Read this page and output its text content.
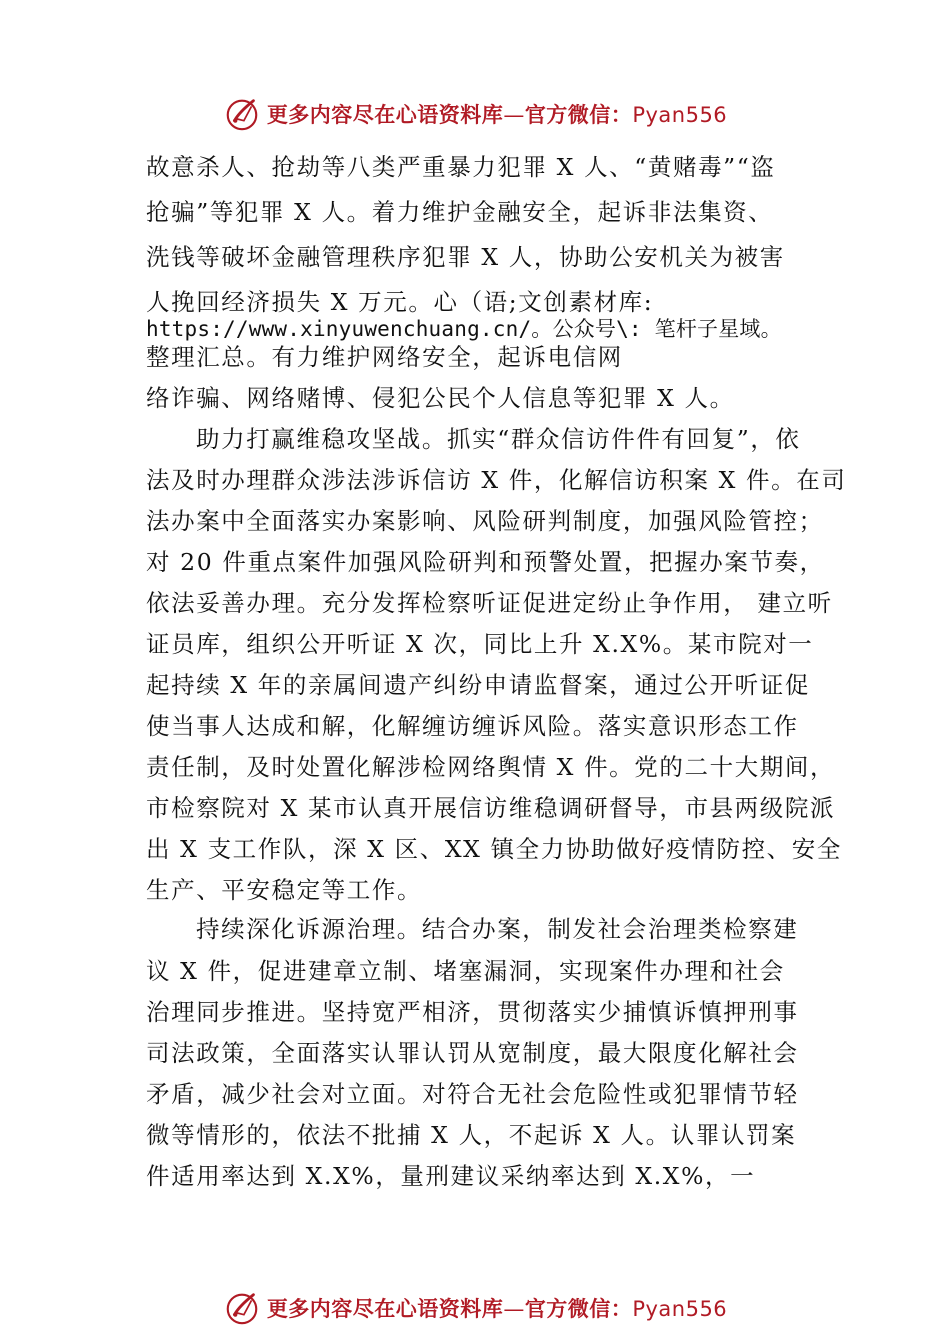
更多内容尽在心语资料库—官方微信：Pyan556
故意杀人、抢劫等八类严重暴力犯罪 X 人、“黄赌毒”“盗
抢骗”等犯罪 X 人。着力维护金融安全，起诉非法集资、
洗钱等破坏金融管理秩序犯罪 X 人，协助公安机关为被害
人挽回经济损失 X 万元。心（语;文创素材库:
https://www.xinyuwenchuang.cn/。公众号\: 笔杆子星域。
整理汇总。有力维护网络安全，起诉电信网
络诈骗、网络赌博、侵犯公民个人信息等犯罪 X 人。
助力打赢维稳攻坚战。抓实“群众信访件件有回复”，依
法及时办理群众涉法涉诉信访 X 件，化解信访积案 X 件。在司
法办案中全面落实办案影响、风险研判制度，加强风险管控；
对 20 件重点案件加强风险研判和预警处置，把握办案节奏，
依法妥善办理。充分发挥检察听证促进定纷止争作用， 建立听
证员库，组织公开听证 X 次，同比上升 X.X%。某市院对一
起持续 X 年的亲属间遗产纠纷申请监督案，通过公开听证促
使当事人达成和解，化解缠访缠诉风险。落实意识形态工作
责任制，及时处置化解涉检网络舆情 X 件。党的二十大期间，
市检察院对 X 某市认真开展信访维稳调研督导，市县两级院派
出 X 支工作队，深 X 区、XX 镇全力协助做好疫情防控、安全
生产、平安稳定等工作。
持续深化诉源治理。结合办案，制发社会治理类检察建
议 X 件，促进建章立制、堵塞漏洞，实现案件办理和社会
治理同步推进。坚持宽严相济，贯彻落实少捕慎诉慎押刑事
司法政策，全面落实认罪认罚从宽制度，最大限度化解社会
矛盾，减少社会对立面。对符合无社会危险性或犯罪情节轻
微等情形的，依法不批捕 X 人，不起诉 X 人。认罪认罚案
件适用率达到 X.X%，量刑建议采纳率达到 X.X%，一
更多内容尽在心语资料库—官方微信：Pyan556
